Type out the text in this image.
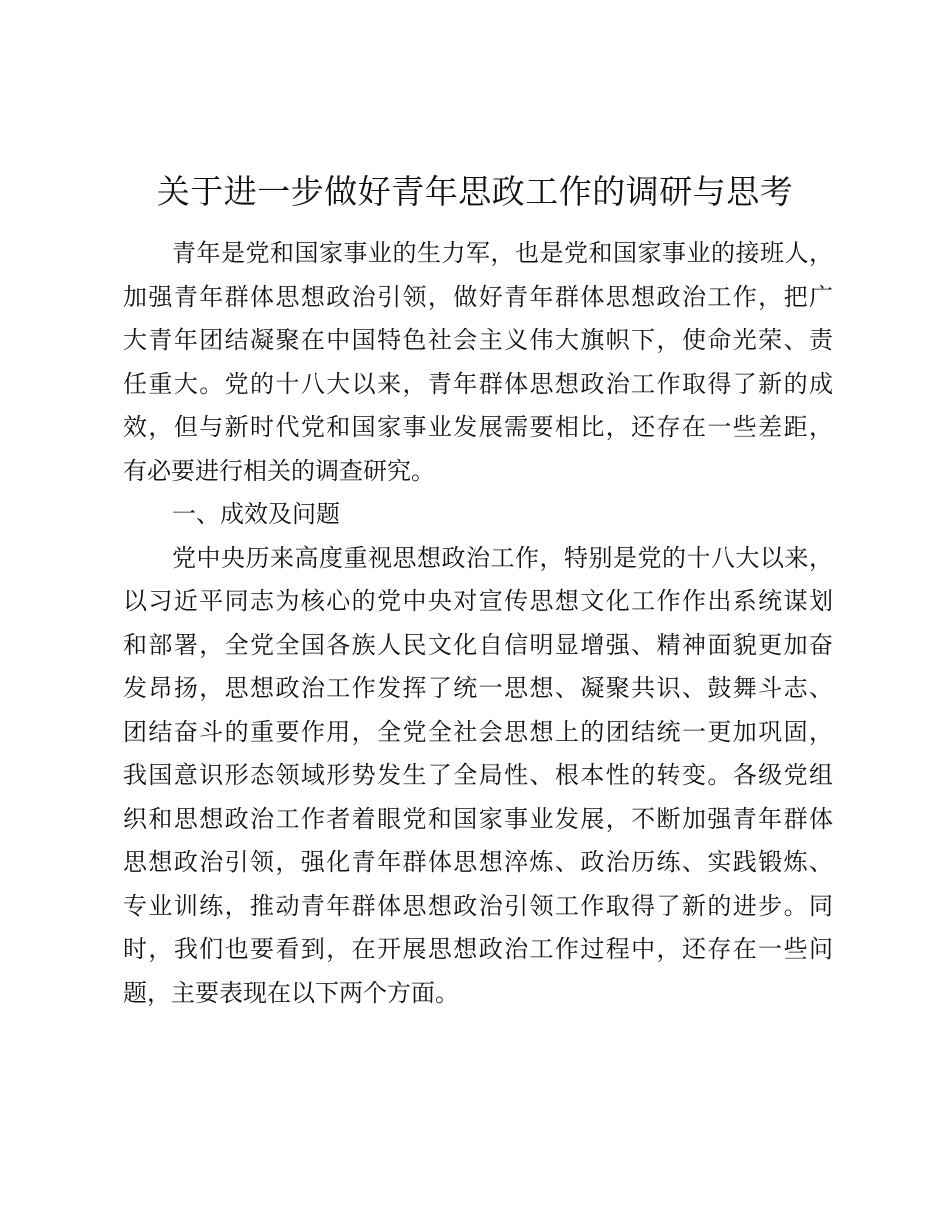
关于进一步做好青年思政工作的调研与思考
青年是党和国家事业的生力军，也是党和国家事业的接班人，
加强青年群体思想政治引领，做好青年群体思想政治工作，把广
大青年团结凝聚在中国特色社会主义伟大旗帜下，使命光荣、责
任重大。党的十八大以来，青年群体思想政治工作取得了新的成
效，但与新时代党和国家事业发展需要相比，还存在一些差距，
有必要进行相关的调查研究。
一、成效及问题
党中央历来高度重视思想政治工作，特别是党的十八大以来，
以习近平同志为核心的党中央对宣传思想文化工作作出系统谋划
和部署，全党全国各族人民文化自信明显增强、精神面貌更加奋
发昂扬，思想政治工作发挥了统一思想、凝聚共识、鼓舞斗志、
团结奋斗的重要作用，全党全社会思想上的团结统一更加巩固，
我国意识形态领域形势发生了全局性、根本性的转变。各级党组
织和思想政治工作者着眼党和国家事业发展，不断加强青年群体
思想政治引领，强化青年群体思想淬炼、政治历练、实践锻炼、
专业训练，推动青年群体思想政治引领工作取得了新的进步。同
时，我们也要看到，在开展思想政治工作过程中，还存在一些问
题，主要表现在以下两个方面。
